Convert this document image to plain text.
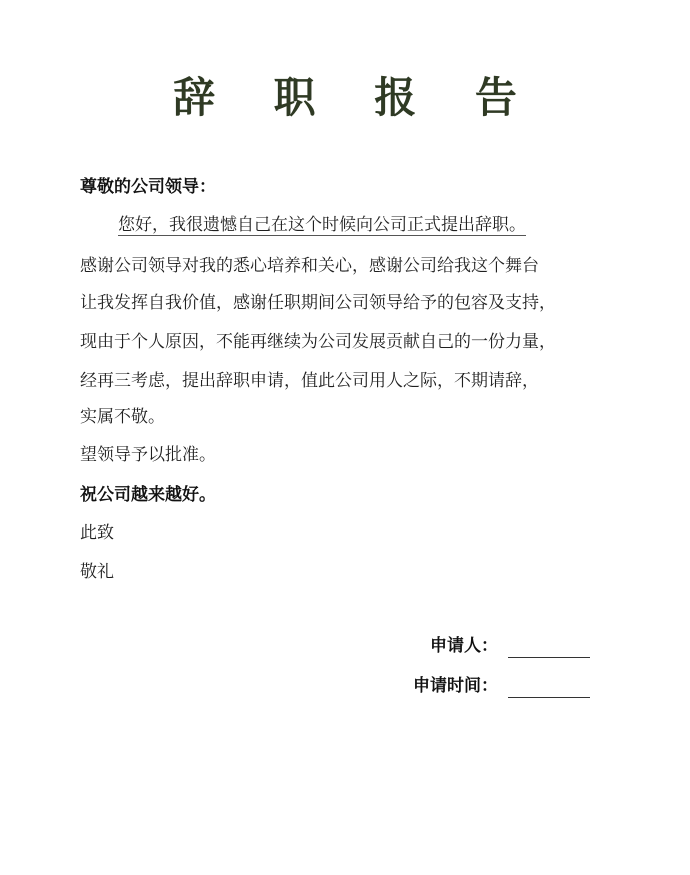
辞 职 报 告
尊敬的公司领导：
您好，我很遗憾自己在这个时候向公司正式提出辞职。
感谢公司领导对我的悉心培养和关心，感谢公司给我这个舞台
让我发挥自我价值，感谢任职期间公司领导给予的包容及支持，
现由于个人原因，不能再继续为公司发展贡献自己的一份力量，
经再三考虑，提出辞职申请，值此公司用人之际，不期请辞，
实属不敬。
望领导予以批准。
祝公司越来越好。
此致
敬礼
申请人：
申请时间：
